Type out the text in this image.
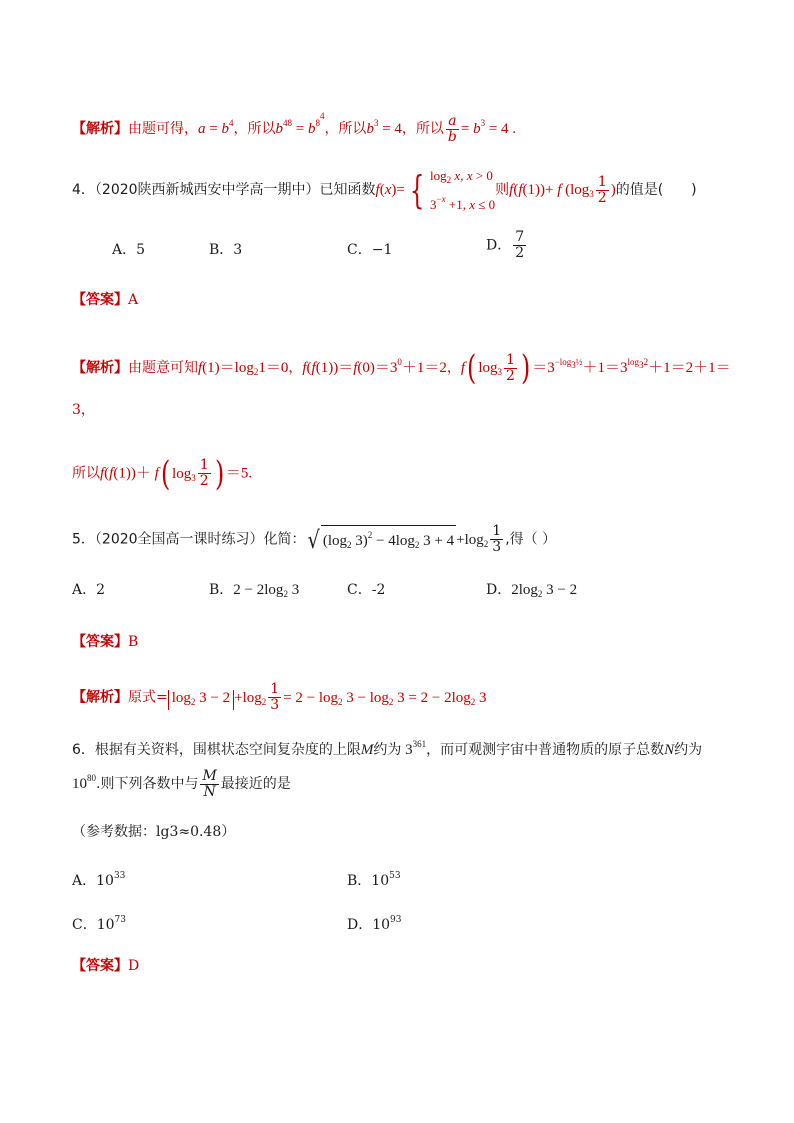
【解析】由题可得，$a = b^4$，所以$b^{48} = b^{8^4}$，所以$b^3 = 4$，所以 $\frac{a}{b} = b^3 = 4$ .
4．（2020陕西新城西安中学高一期中）已知函数f(x)= { $\log_2 x$, x > 0
$3^{-x} +1$, x ≤ 0则f(f(1))+ f ($\log_3 \frac{1}{2}$ )的值是(　　)
A．5	B．3	C．−1	D． $\frac{7}{2}$
【答案】A
【解析】由题意可知$f(1)=\log_21=0$，$f(f(1))=f(0)=3^0+1=2$，f( $\log_3 \frac{1}{2}$ ) $=3^{-log_3\frac{1}{2}}+1=3^{log_32}+1=2+1=$
3，
所以f(f(1))＋ f( $\log_3 \frac{1}{2}$ ) ＝5.
5．（2020全国高一课时练习）化简：√ ($\log_2$ $3)^2 - 4\log_2$ $3 + 4 +\log_2 \frac{1}{3}$ ,得（ ）
A．2	B．$2 - 2\log_2$ 3	C．-2	D．$2\log_2$ 3 − 2
【答案】B
【解析】原式= $\log_2 3 - 2 +\log_2 \frac{1}{3} = 2 - \log_2 3 - \log_2 3 = 2 - 2\log_2$ 3
6．根据有关资料，围棋状态空间复杂度的上限M约为 $3^{361}$，而可观测宇宙中普通物质的原子总数N约为
$10^{80}$.则下列各数中与 $\frac{M}{N}$ 最接近的是
（参考数据：lg3≈0.48）
A．$10^{33}$	B．$10^{53}$
C．$10^{73}$	D．$10^{93}$
【答案】D
